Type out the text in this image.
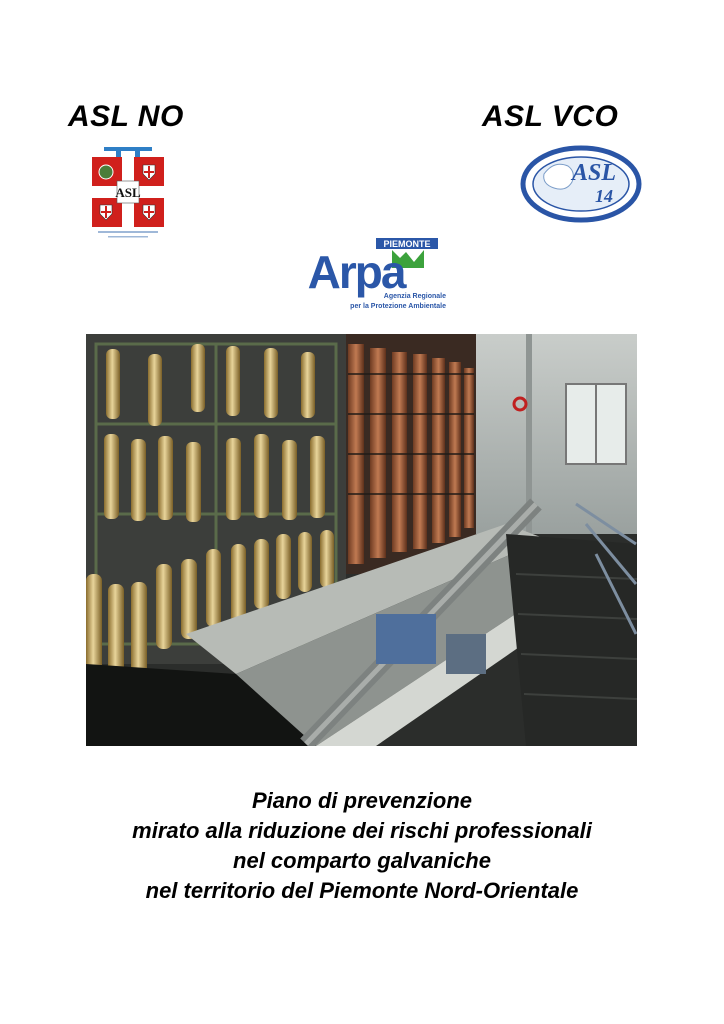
ASL NO	ASL VCO
ASL
ASL
14
PIEMONTE
Arpa
Agenzia Regionale
per la Protezione Ambientale
Piano di prevenzione
mirato alla riduzione dei rischi professionali
nel comparto galvaniche
nel territorio del Piemonte Nord-Orientale
